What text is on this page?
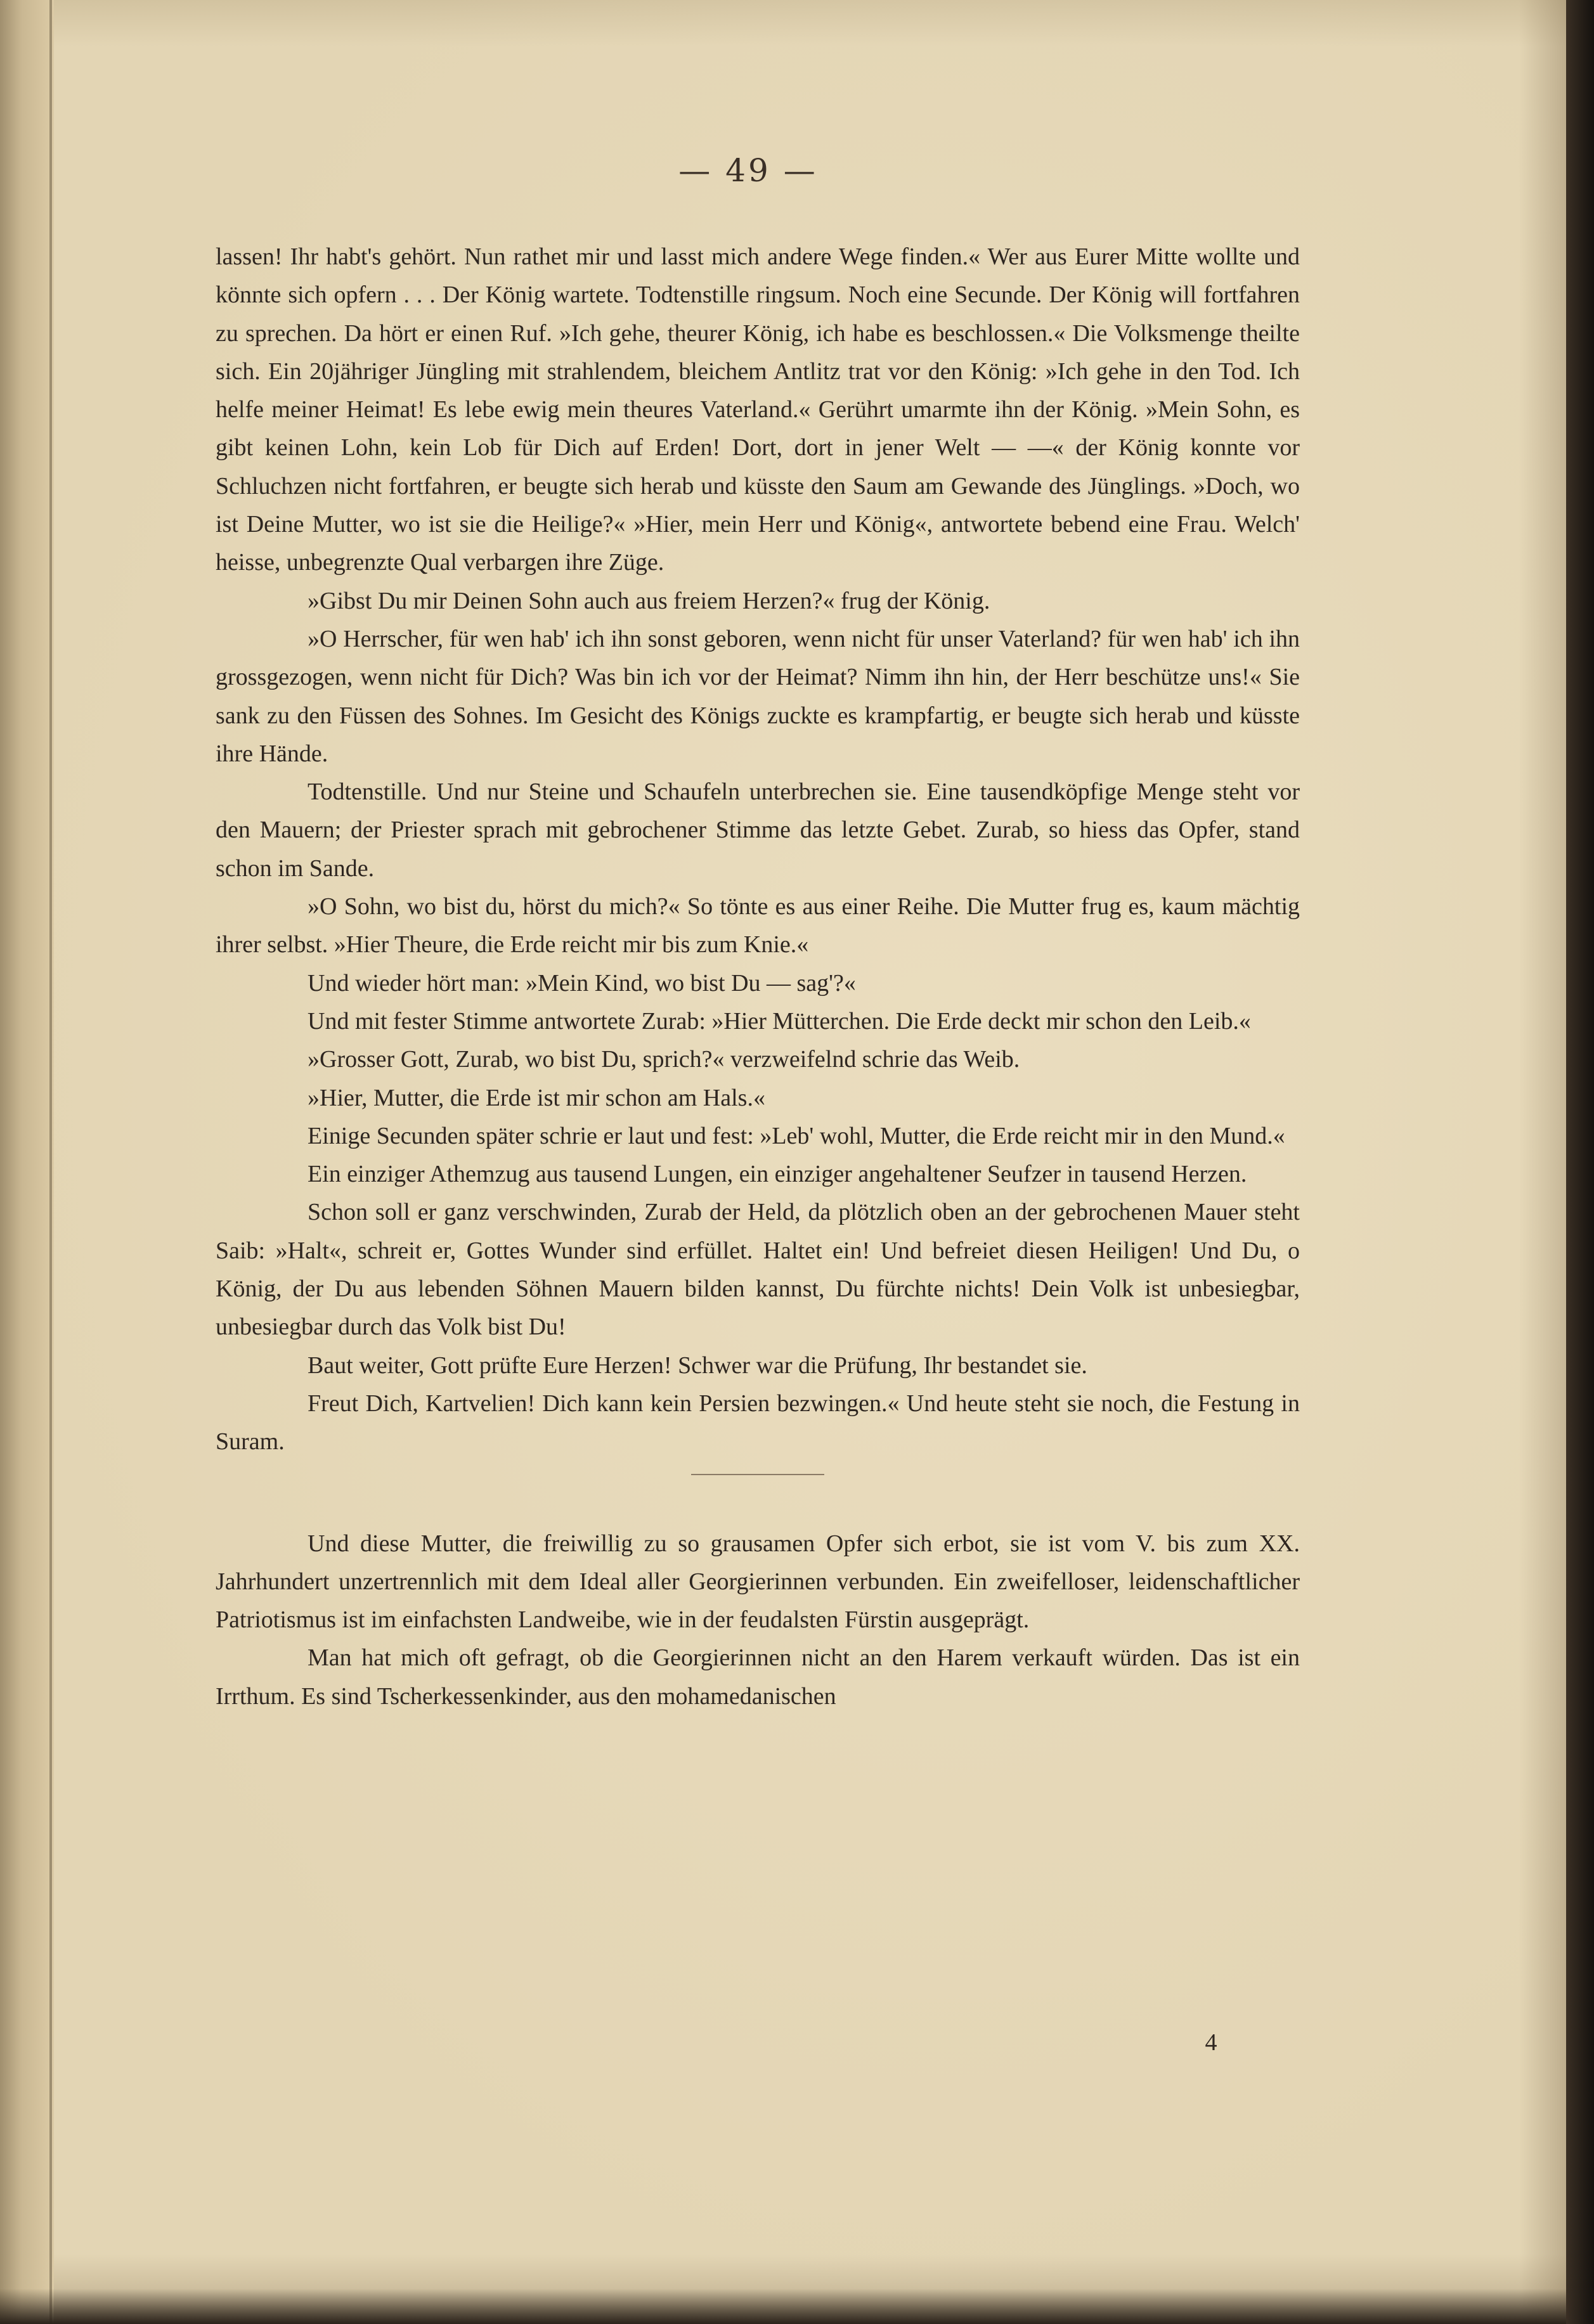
— 49 —

lassen! Ihr habt's gehört. Nun rathet mir und lasst mich andere Wege finden.« Wer aus Eurer Mitte wollte und könnte sich opfern . . . Der König wartete. Todtenstille ringsum. Noch eine Secunde. Der König will fortfahren zu sprechen. Da hört er einen Ruf. »Ich gehe, theurer König, ich habe es beschlossen.« Die Volksmenge theilte sich. Ein 20jähriger Jüngling mit strahlendem, bleichem Antlitz trat vor den König: »Ich gehe in den Tod. Ich helfe meiner Heimat! Es lebe ewig mein theures Vaterland.« Gerührt umarmte ihn der König. »Mein Sohn, es gibt keinen Lohn, kein Lob für Dich auf Erden! Dort, dort in jener Welt — —« der König konnte vor Schluchzen nicht fortfahren, er beugte sich herab und küsste den Saum am Gewande des Jünglings. »Doch, wo ist Deine Mutter, wo ist sie die Heilige?« »Hier, mein Herr und König«, antwortete bebend eine Frau. Welch' heisse, unbegrenzte Qual verbargen ihre Züge.

»Gibst Du mir Deinen Sohn auch aus freiem Herzen?« frug der König.

»O Herrscher, für wen hab' ich ihn sonst geboren, wenn nicht für unser Vaterland? für wen hab' ich ihn grossgezogen, wenn nicht für Dich? Was bin ich vor der Heimat? Nimm ihn hin, der Herr beschütze uns!« Sie sank zu den Füssen des Sohnes. Im Gesicht des Königs zuckte es krampfartig, er beugte sich herab und küsste ihre Hände.

Todtenstille. Und nur Steine und Schaufeln unterbrechen sie. Eine tausendköpfige Menge steht vor den Mauern; der Priester sprach mit gebrochener Stimme das letzte Gebet. Zurab, so hiess das Opfer, stand schon im Sande.

»O Sohn, wo bist du, hörst du mich?« So tönte es aus einer Reihe. Die Mutter frug es, kaum mächtig ihrer selbst. »Hier Theure, die Erde reicht mir bis zum Knie.«

Und wieder hört man: »Mein Kind, wo bist Du — sag'?«

Und mit fester Stimme antwortete Zurab: »Hier Mütterchen. Die Erde deckt mir schon den Leib.«

»Grosser Gott, Zurab, wo bist Du, sprich?« verzweifelnd schrie das Weib.

»Hier, Mutter, die Erde ist mir schon am Hals.«

Einige Secunden später schrie er laut und fest: »Leb' wohl, Mutter, die Erde reicht mir in den Mund.«

Ein einziger Athemzug aus tausend Lungen, ein einziger angehaltener Seufzer in tausend Herzen.

Schon soll er ganz verschwinden, Zurab der Held, da plötzlich oben an der gebrochenen Mauer steht Saib: »Halt«, schreit er, Gottes Wunder sind erfüllet. Haltet ein! Und befreiet diesen Heiligen! Und Du, o König, der Du aus lebenden Söhnen Mauern bilden kannst, Du fürchte nichts! Dein Volk ist unbesiegbar, unbesiegbar durch das Volk bist Du!

Baut weiter, Gott prüfte Eure Herzen! Schwer war die Prüfung, Ihr bestandet sie.

Freut Dich, Kartvelien! Dich kann kein Persien bezwingen.« Und heute steht sie noch, die Festung in Suram.

Und diese Mutter, die freiwillig zu so grausamen Opfer sich erbot, sie ist vom V. bis zum XX. Jahrhundert unzertrennlich mit dem Ideal aller Georgierinnen verbunden. Ein zweifelloser, leidenschaftlicher Patriotismus ist im einfachsten Landweibe, wie in der feudalsten Fürstin ausgeprägt.

Man hat mich oft gefragt, ob die Georgierinnen nicht an den Harem verkauft würden. Das ist ein Irrthum. Es sind Tscherkessenkinder, aus den mohamedanischen

4
